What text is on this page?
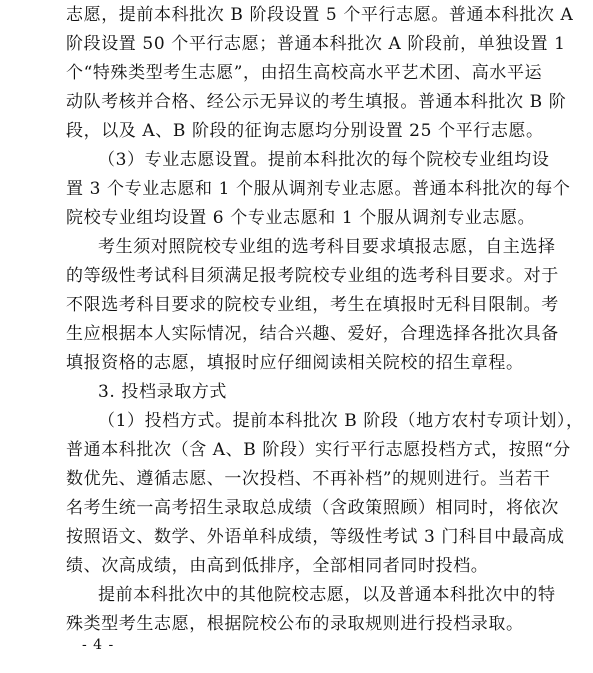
志愿，提前本科批次 B 阶段设置 5 个平行志愿。普通本科批次 A
阶段设置 50 个平行志愿；普通本科批次 A 阶段前，单独设置 1
个“特殊类型考生志愿”，由招生高校高水平艺术团、高水平运
动队考核并合格、经公示无异议的考生填报。普通本科批次 B 阶
段，以及 A、B 阶段的征询志愿均分别设置 25 个平行志愿。
（3）专业志愿设置。提前本科批次的每个院校专业组均设
置 3 个专业志愿和 1 个服从调剂专业志愿。普通本科批次的每个
院校专业组均设置 6 个专业志愿和 1 个服从调剂专业志愿。
考生须对照院校专业组的选考科目要求填报志愿，自主选择
的等级性考试科目须满足报考院校专业组的选考科目要求。对于
不限选考科目要求的院校专业组，考生在填报时无科目限制。考
生应根据本人实际情况，结合兴趣、爱好，合理选择各批次具备
填报资格的志愿，填报时应仔细阅读相关院校的招生章程。
3. 投档录取方式
（1）投档方式。提前本科批次 B 阶段（地方农村专项计划），
普通本科批次（含 A、B 阶段）实行平行志愿投档方式，按照“分
数优先、遵循志愿、一次投档、不再补档”的规则进行。当若干
名考生统一高考招生录取总成绩（含政策照顾）相同时，将依次
按照语文、数学、外语单科成绩，等级性考试 3 门科目中最高成
绩、次高成绩，由高到低排序，全部相同者同时投档。
提前本科批次中的其他院校志愿，以及普通本科批次中的特
殊类型考生志愿，根据院校公布的录取规则进行投档录取。
- 4 -
